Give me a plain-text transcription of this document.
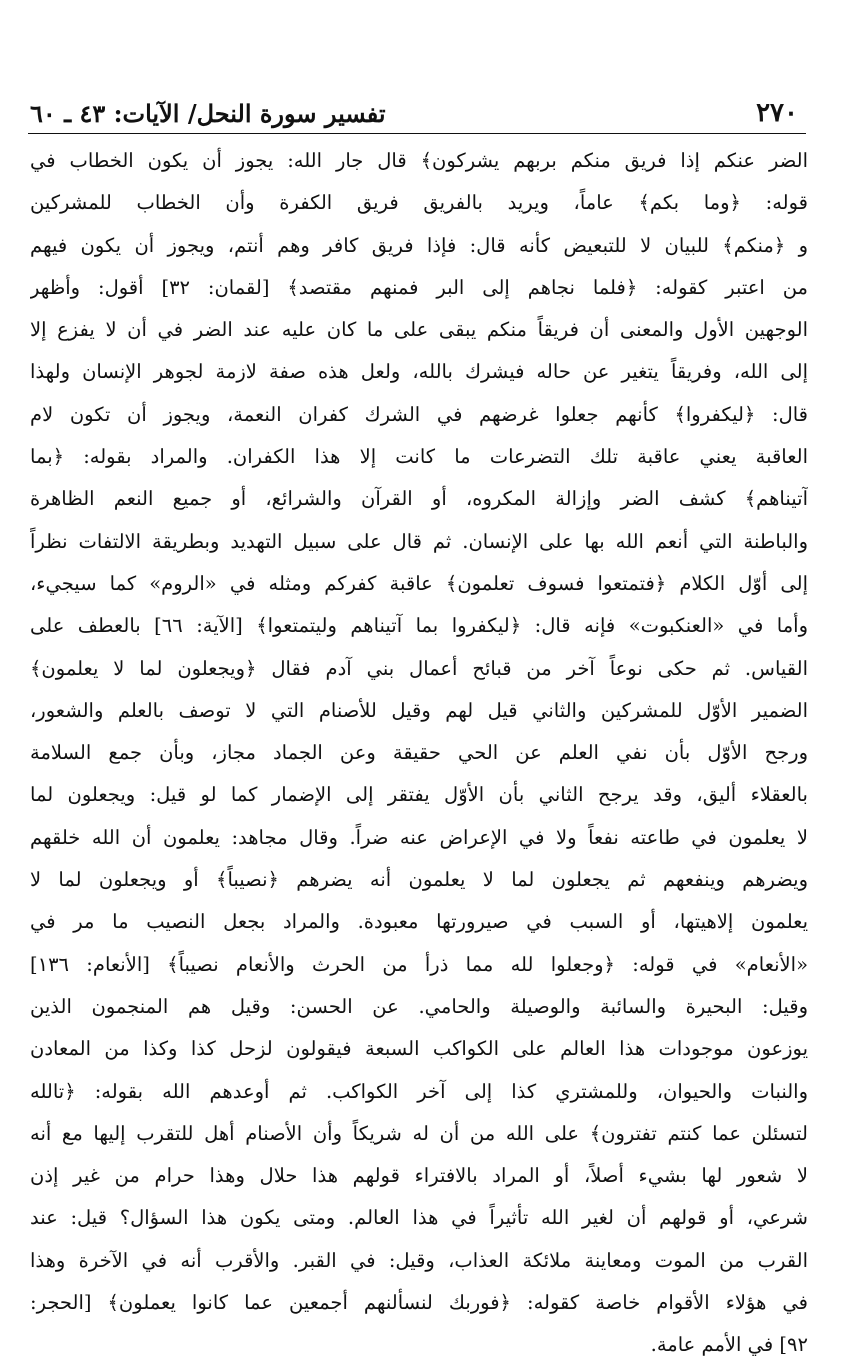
٢٧٠
تفسير سورة النحل/ الآيات: ٤٣ ـ ٦٠
الضر عنكم إذا فريق منكم بربهم يشركون﴾ قال جار الله: يجوز أن يكون الخطاب في
قوله: ﴿وما بكم﴾ عاماً، ويريد بالفريق فريق الكفرة وأن الخطاب للمشركين
و ﴿منكم﴾ للبيان لا للتبعيض كأنه قال: فإذا فريق كافر وهم أنتم، ويجوز أن يكون فيهم
من اعتبر كقوله: ﴿فلما نجاهم إلى البر فمنهم مقتصد﴾ [لقمان: ٣٢] أقول: وأظهر
الوجهين الأول والمعنى أن فريقاً منكم يبقى على ما كان عليه عند الضر في أن لا يفزع إلا
إلى الله، وفريقاً يتغير عن حاله فيشرك بالله، ولعل هذه صفة لازمة لجوهر الإنسان ولهذا
قال: ﴿ليكفروا﴾ كأنهم جعلوا غرضهم في الشرك كفران النعمة، ويجوز أن تكون لام
العاقبة يعني عاقبة تلك التضرعات ما كانت إلا هذا الكفران. والمراد بقوله: ﴿بما
آتيناهم﴾ كشف الضر وإزالة المكروه، أو القرآن والشرائع، أو جميع النعم الظاهرة
والباطنة التي أنعم الله بها على الإنسان. ثم قال على سبيل التهديد وبطريقة الالتفات نظراً
إلى أوّل الكلام ﴿فتمتعوا فسوف تعلمون﴾ عاقبة كفركم ومثله في «الروم» كما سيجيء،
وأما في «العنكبوت» فإنه قال: ﴿ليكفروا بما آتيناهم وليتمتعوا﴾ [الآية: ٦٦] بالعطف على
القياس. ثم حكى نوعاً آخر من قبائح أعمال بني آدم فقال ﴿ويجعلون لما لا يعلمون﴾
الضمير الأوّل للمشركين والثاني قيل لهم وقيل للأصنام التي لا توصف بالعلم والشعور،
ورجح الأوّل بأن نفي العلم عن الحي حقيقة وعن الجماد مجاز، وبأن جمع السلامة
بالعقلاء أليق، وقد يرجح الثاني بأن الأوّل يفتقر إلى الإضمار كما لو قيل: ويجعلون لما
لا يعلمون في طاعته نفعاً ولا في الإعراض عنه ضراً. وقال مجاهد: يعلمون أن الله خلقهم
ويضرهم وينفعهم ثم يجعلون لما لا يعلمون أنه يضرهم ﴿نصيباً﴾ أو ويجعلون لما لا
يعلمون إلاهيتها، أو السبب في صيرورتها معبودة. والمراد بجعل النصيب ما مر في
«الأنعام» في قوله: ﴿وجعلوا لله مما ذرأ من الحرث والأنعام نصيباً﴾ [الأنعام: ١٣٦]
وقيل: البحيرة والسائبة والوصيلة والحامي. عن الحسن: وقيل هم المنجمون الذين
يوزعون موجودات هذا العالم على الكواكب السبعة فيقولون لزحل كذا وكذا من المعادن
والنبات والحيوان، وللمشتري كذا إلى آخر الكواكب. ثم أوعدهم الله بقوله: ﴿تالله
لتسئلن عما كنتم تفترون﴾ على الله من أن له شريكاً وأن الأصنام أهل للتقرب إليها مع أنه
لا شعور لها بشيء أصلاً، أو المراد بالافتراء قولهم هذا حلال وهذا حرام من غير إذن
شرعي، أو قولهم أن لغير الله تأثيراً في هذا العالم. ومتى يكون هذا السؤال؟ قيل: عند
القرب من الموت ومعاينة ملائكة العذاب، وقيل: في القبر. والأقرب أنه في الآخرة وهذا
في هؤلاء الأقوام خاصة كقوله: ﴿فوربك لنسألنهم أجمعين عما كانوا يعملون﴾ [الحجر:
٩٢] في الأمم عامة.
